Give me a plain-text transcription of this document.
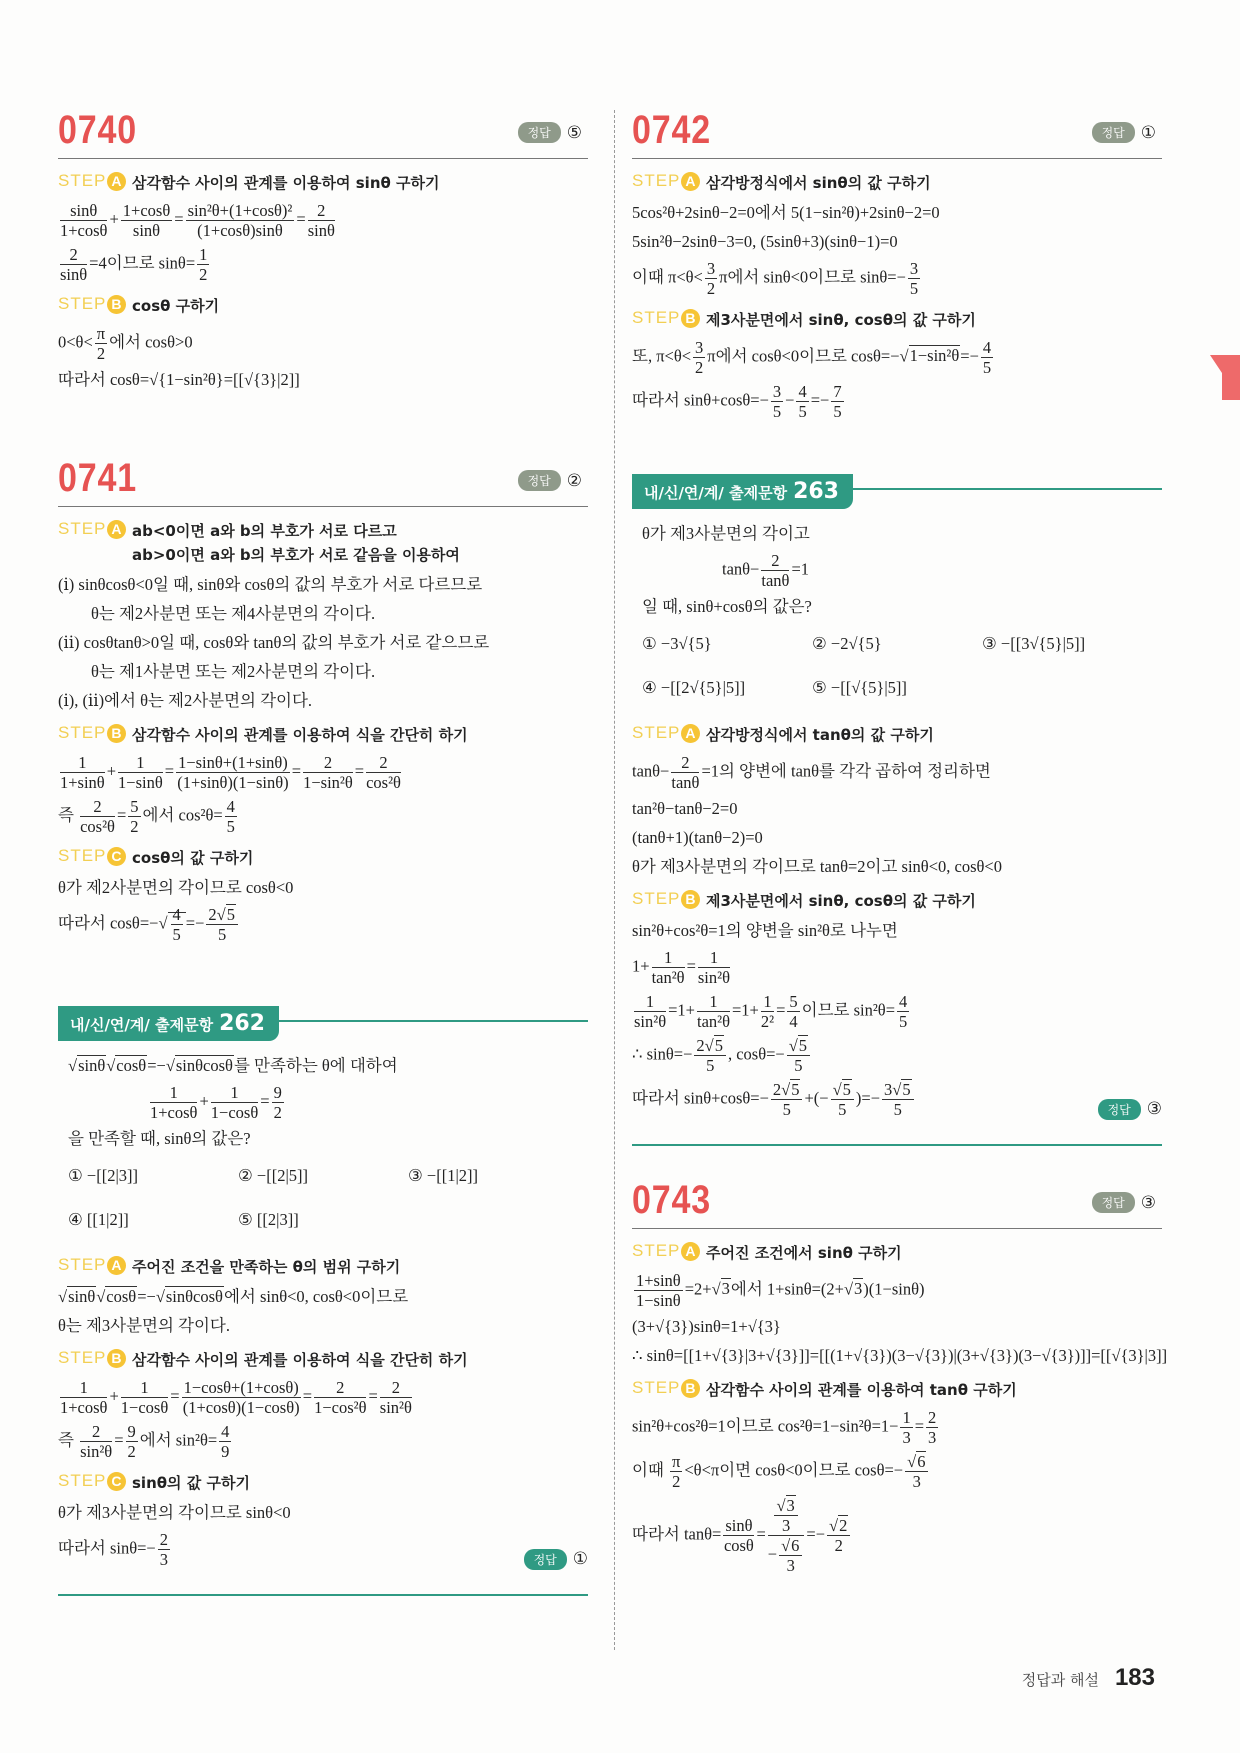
0740	정답 ⑤
STEP A 삼각함수 사이의 관계를 이용하여 sinθ 구하기
$\frac{\sin\theta}{1+\cos\theta} + \frac{1+\cos\theta}{\sin\theta} = \frac{\text{sin²θ+(1+cosθ)²}}{(1+\cos\theta)\sin\theta} = \frac{2}{\sin\theta}$
$\frac{2}{\sin\theta} =4$이므로 $\sin\theta= \frac{1}{2}$
STEP B cosθ 구하기
$0<\theta< \frac{\pi}{2}$ 에서 cosθ>0
따라서 cosθ=√{1−sin²θ}=[[√{3}|2]]
0741	정답 ②
STEP A ab<0이면 a와 b의 부호가 서로 다르고
ab>0이면 a와 b의 부호가 서로 같음을 이용하여
(ⅰ) sinθcosθ<0일 때, sinθ와 cosθ의 값의 부호가 서로 다르므로
　　θ는 제2사분면 또는 제4사분면의 각이다.
(ⅱ) cosθtanθ>0일 때, cosθ와 tanθ의 값의 부호가 서로 같으므로
　　θ는 제1사분면 또는 제2사분면의 각이다.
(ⅰ), (ⅱ)에서 θ는 제2사분면의 각이다.
STEP B 삼각함수 사이의 관계를 이용하여 식을 간단히 하기
$\frac{1}{1+\sin\theta} + \frac{1}{1-\sin\theta} = \frac{1-\sin\theta+(1+\sin\theta)}{(1+\sin\theta)(1-\sin\theta)} = \frac{2}{\text{1−sin²θ}} = \frac{2}{\text{cos²θ}}$
즉 $\frac{2}{\text{cos²θ}} = \frac{5}{2}$ 에서 $\cos^2\theta= \frac{4}{5}$
STEP C cosθ의 값 구하기
θ가 제2사분면의 각이므로 cosθ<0
따라서 $\cos\theta=-√ \frac{4}{5} =- \frac{2√5}{5}$
내/신/연/계/ 출제문항 262
√sinθ√cosθ=−√sinθcosθ를 만족하는 θ에 대하여
$\frac{1}{1+\cos\theta} + \frac{1}{1-\cos\theta} = \frac{9}{2}$
을 만족할 때, sinθ의 값은?
① −[[2|3]]	② −[[2|5]]	③ −[[1|2]]
④ [[1|2]]	⑤ [[2|3]]
STEP A 주어진 조건을 만족하는 θ의 범위 구하기
√sinθ√cosθ=−√sinθcosθ에서 sinθ<0, cosθ<0이므로
θ는 제3사분면의 각이다.
STEP B 삼각함수 사이의 관계를 이용하여 식을 간단히 하기
$\frac{1}{1+\cos\theta} + \frac{1}{1-\cos\theta} = \frac{1-\cos\theta+(1+\cos\theta)}{(1+\cos\theta)(1-\cos\theta)} = \frac{2}{\text{1−cos²θ}} = \frac{2}{\text{sin²θ}}$
즉 $\frac{2}{\text{sin²θ}} = \frac{9}{2}$ 에서 $\sin^2\theta= \frac{4}{9}$
STEP C sinθ의 값 구하기
θ가 제3사분면의 각이므로 sinθ<0
따라서 $\sin\theta=- \frac{2}{3}$	정답 ①
0742	정답 ①
STEP A 삼각방정식에서 sinθ의 값 구하기
5cos²θ+2sinθ−2=0에서 5(1−sin²θ)+2sinθ−2=0
5sin²θ−2sinθ−3=0, (5sinθ+3)(sinθ−1)=0
이때 $\pi<\theta< \frac{3}{2}$ π에서 sinθ<0이므로 $\sin\theta=- \frac{3}{5}$
STEP B 제3사분면에서 sinθ, cosθ의 값 구하기
또, $\pi<\theta< \frac{3}{2}$ π에서 cosθ<0이므로 $\cos\theta=-√1-\sin^2\theta=- \frac{4}{5}$
따라서 $\sin\theta+\cos\theta=- \frac{3}{5} - \frac{4}{5} =- \frac{7}{5}$
내/신/연/계/ 출제문항 263
θ가 제3사분면의 각이고
$\tan\theta- \frac{2}{\tan\theta} =1$
일 때, sinθ+cosθ의 값은?
① −3√{5}	② −2√{5}	③ −[[3√{5}|5]]
④ −[[2√{5}|5]]	⑤ −[[√{5}|5]]
STEP A 삼각방정식에서 tanθ의 값 구하기
$\tan\theta- \frac{2}{\tan\theta} =1$의 양변에 tanθ를 각각 곱하여 정리하면
tan²θ−tanθ−2=0
(tanθ+1)(tanθ−2)=0
θ가 제3사분면의 각이므로 tanθ=2이고 sinθ<0, cosθ<0
STEP B 제3사분면에서 sinθ, cosθ의 값 구하기
sin²θ+cos²θ=1의 양변을 sin²θ로 나누면
$1+ \frac{1}{\text{tan²θ}} = \frac{1}{\text{sin²θ}}$
$\frac{1}{\text{sin²θ}} =1+ \frac{1}{\text{tan²θ}} =1+ \frac{1}{\text{2²}} = \frac{5}{4}$ 이므로 $\sin^2\theta= \frac{4}{5}$
∴ $\sin\theta=- \frac{2√5}{5}$ , $\cos\theta=- \frac{√5}{5}$
따라서 $\sin\theta+\cos\theta=- \frac{2√5}{5}$ +(− $\frac{√5}{5}$ )=− $\frac{3√5}{5}$	정답 ③
0743	정답 ③
STEP A 주어진 조건에서 sinθ 구하기
$\frac{1+\sin\theta}{1-\sin\theta} =2+√3$에서 1+sinθ=(2+√3)(1−sinθ)
(3+√{3})sinθ=1+√{3}
∴ sinθ=[[1+√{3}|3+√{3}]]=[[(1+√{3})(3−√{3})|(3+√{3})(3−√{3})]]=[[√{3}|3]]
STEP B 삼각함수 사이의 관계를 이용하여 tanθ 구하기
sin²θ+cos²θ=1이므로 $\cos^2\theta=1-\sin^2\theta=1- \frac{1}{3} = \frac{2}{3}$
이때 $\frac{\pi}{2} <\theta<\pi$이면 cosθ<0이므로 $\cos\theta=- \frac{√6}{3}$
따라서 $\tan\theta= \frac{\sin\theta}{\cos\theta} = \frac{\frac{√3}{3}}{- \frac{√6}{3}} =- \frac{√2}{2}$
정답과 해설 183
